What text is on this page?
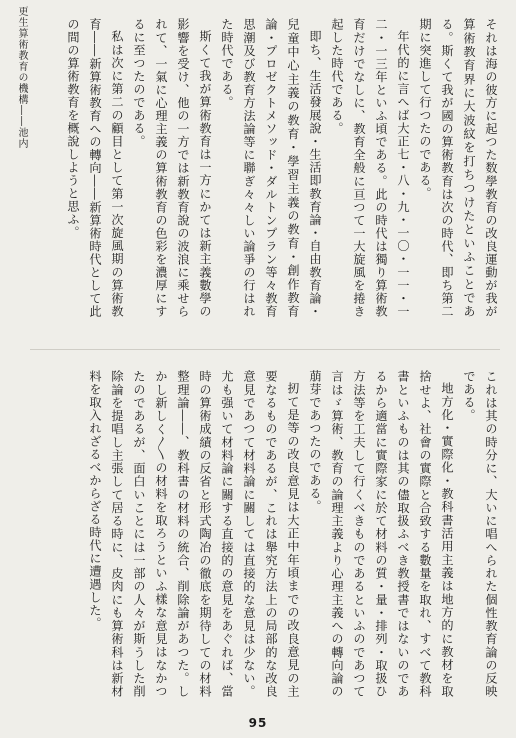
更生算術教育の機構――池内	それは海の彼方に起つた数學教育の改良運動が我が算術教育界に大波紋を打ちつけたといふことである。斯くて我が國の算術教育は次の時代、即ち第二期に突進して行つたのである。

年代的に言へば大正七・八・九・一〇・一一・一二・一三年といふ頃である。此の時代は獨り算術教育だけでなしに、教育全般に亘つて一大旋風を捲き起した時代である。

即ち、生活發展說・生活即教育論・自由教育論・兒童中心主義の教育・學習主義の教育・創作教育論・プロゼクトメソッド・ダルトンプラン等々教育思潮及び教育方法論等に聯ぎ々々しい論爭の行はれた時代である。

斯くて我が算術教育は一方にかては新主義數學の影響を受け、他の一方では新教育說の波浪に乘せられて、一氣に心理主義の算術教育の色彩を濃厚にするに至つたのである。

私は次に第二の顧目として第一次旋風期の算術教育――新算術教育への轉向――新算術時代として此の間の算術教育を概說しようと思ふ。

これは其の時分に、大いに唱へられた個性教育論の反映である。

地方化・實際化・教科書活用主義は地方的に教材を取捨せよ、社會の實際と合致する數量を取れ、すべて教科書といふものは其の儘取扱ふべき教授書ではないのであるから適當に實際家に於て材料の質・量・排列・取扱ひ方法等を工夫して行くべきものであるといふのであつて言はゞ算術、教育の論理主義より心理主義への轉向論の萠芽であつたのである。

扨て是等の改良意見は大正中年頃までの改良意見の主要なるものであるが、これは舉究方法上の局部的な改良意見であつて材料論に關しては直接的な意見は少ない。尤も强いて材料論に關する直接的の意見をあぐれば、當時の算術成績の反省と形式陶冶の徹底を期待しての材料整理論――、教科書の材料の統合、削除論があつた。しかし新しく〳〵の材料を取ろうといふ樣な意見はなかつたのであるが、面白いことには一部の人々が斯うした削除論を提唱し主張して居る時に、皮肉にも算術科は新材料を取入れざるべからざる時代に遭遇した。

95
